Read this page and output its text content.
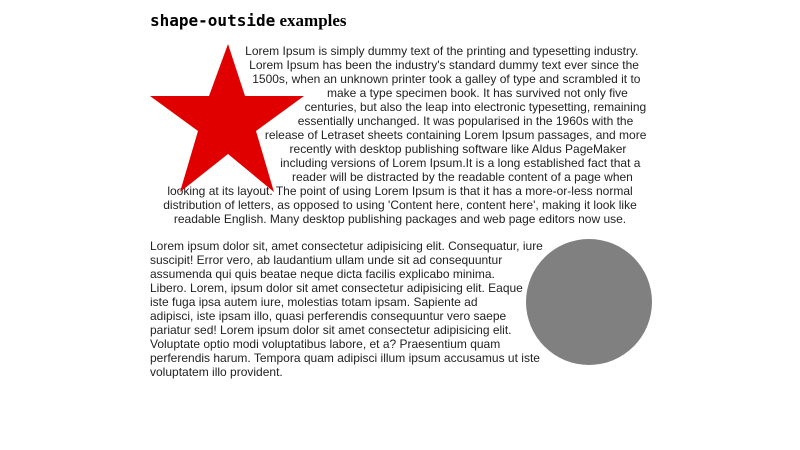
shape-outside examples

Lorem Ipsum is simply dummy text of the printing and typesetting industry. Lorem Ipsum has been the industry's standard dummy text ever since the 1500s, when an unknown printer took a galley of type and scrambled it to make a type specimen book. It has survived not only five centuries, but also the leap into electronic typesetting, remaining essentially unchanged. It was popularised in the 1960s with the release of Letraset sheets containing Lorem Ipsum passages, and more recently with desktop publishing software like Aldus PageMaker including versions of Lorem Ipsum.It is a long established fact that a reader will be distracted by the readable content of a page when looking at its layout. The point of using Lorem Ipsum is that it has a more-or-less normal distribution of letters, as opposed to using 'Content here, content here', making it look like readable English. Many desktop publishing packages and web page editors now use.

Lorem ipsum dolor sit, amet consectetur adipisicing elit. Consequatur, iure suscipit! Error vero, ab laudantium ullam unde sit ad consequuntur assumenda qui quis beatae neque dicta facilis explicabo minima. Libero. Lorem, ipsum dolor sit amet consectetur adipisicing elit. Eaque iste fuga ipsa autem iure, molestias totam ipsam. Sapiente ad adipisci, iste ipsam illo, quasi perferendis consequuntur vero saepe pariatur sed! Lorem ipsum dolor sit amet consectetur adipisicing elit. Voluptate optio modi voluptatibus labore, et a? Praesentium quam perferendis harum. Tempora quam adipisci illum ipsum accusamus ut iste voluptatem illo provident.
